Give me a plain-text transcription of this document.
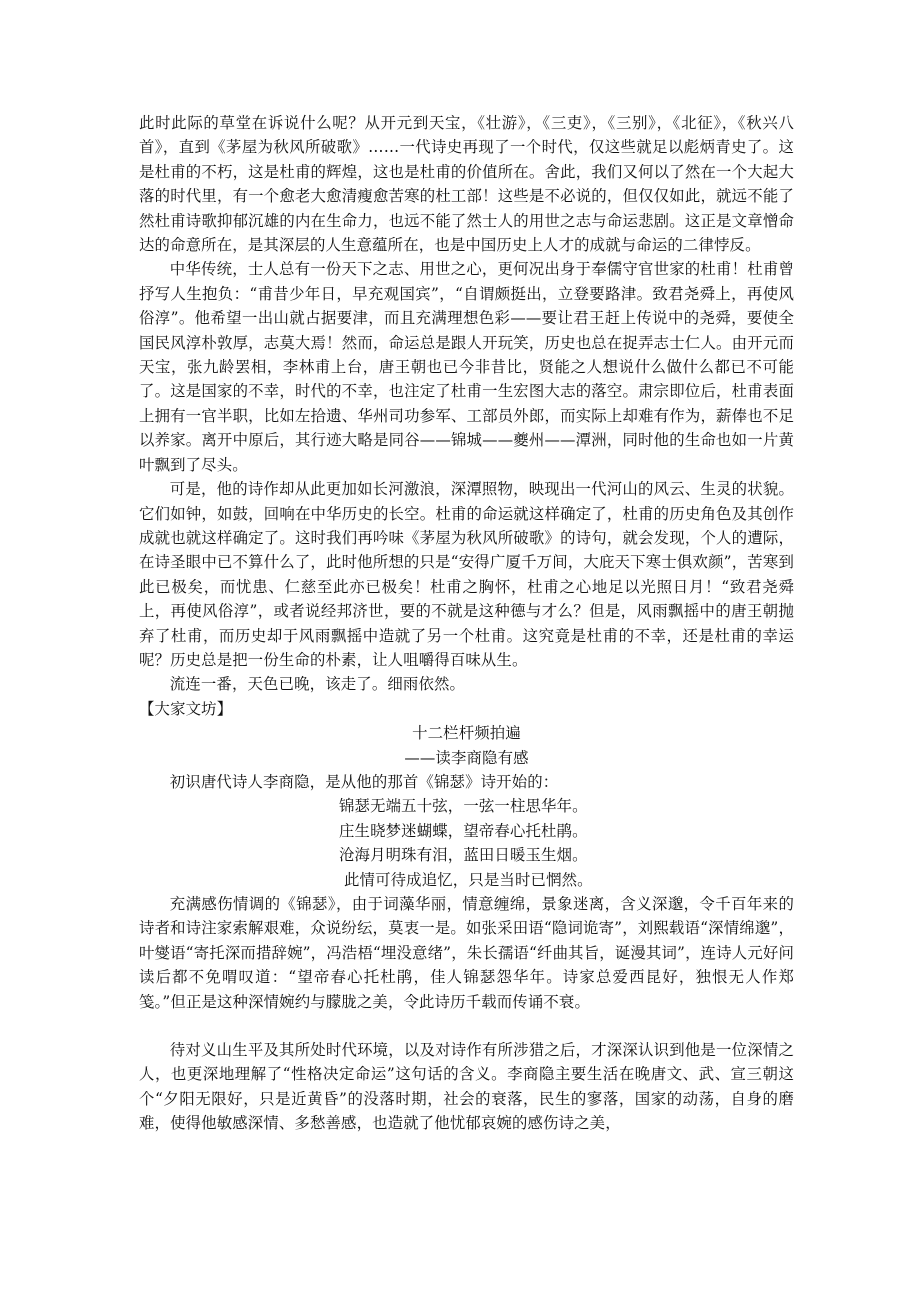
此时此际的草堂在诉说什么呢？从开元到天宝，《壮游》，《三吏》，《三别》，《北征》，《秋兴八首》，直到《茅屋为秋风所破歌》……一代诗史再现了一个时代，仅这些就足以彪炳青史了。这是杜甫的不朽，这是杜甫的辉煌，这也是杜甫的价值所在。舍此，我们又何以了然在一个大起大落的时代里，有一个愈老大愈清瘦愈苦寒的杜工部！这些是不必说的，但仅仅如此，就远不能了然杜甫诗歌抑郁沉雄的内在生命力，也远不能了然士人的用世之志与命运悲剧。这正是文章憎命达的命意所在，是其深层的人生意蕴所在，也是中国历史上人才的成就与命运的二律悖反。

中华传统，士人总有一份天下之志、用世之心，更何况出身于奉儒守官世家的杜甫！杜甫曾抒写人生抱负：“甫昔少年日，早充观国宾”，“自谓颇挺出，立登要路津。致君尧舜上，再使风俗淳”。他希望一出山就占据要津，而且充满理想色彩——要让君王赶上传说中的尧舜，要使全国民风淳朴敦厚，志莫大焉！然而，命运总是跟人开玩笑，历史也总在捉弄志士仁人。由开元而天宝，张九龄罢相，李林甫上台，唐王朝也已今非昔比，贤能之人想说什么做什么都已不可能了。这是国家的不幸，时代的不幸，也注定了杜甫一生宏图大志的落空。肃宗即位后，杜甫表面上拥有一官半职，比如左拾遗、华州司功参军、工部员外郎，而实际上却难有作为，薪俸也不足以养家。离开中原后，其行迹大略是同谷——锦城——夔州——潭洲，同时他的生命也如一片黄叶飘到了尽头。

可是，他的诗作却从此更加如长河激浪，深潭照物，映现出一代河山的风云、生灵的状貌。它们如钟，如鼓，回响在中华历史的长空。杜甫的命运就这样确定了，杜甫的历史角色及其创作成就也就这样确定了。这时我们再吟味《茅屋为秋风所破歌》的诗句，就会发现，个人的遭际，在诗圣眼中已不算什么了，此时他所想的只是“安得广厦千万间，大庇天下寒士俱欢颜”，苦寒到此已极矣，而忧患、仁慈至此亦已极矣！杜甫之胸怀，杜甫之心地足以光照日月！“致君尧舜上，再使风俗淳”，或者说经邦济世，要的不就是这种德与才么？但是，风雨飘摇中的唐王朝抛弃了杜甫，而历史却于风雨飘摇中造就了另一个杜甫。这究竟是杜甫的不幸，还是杜甫的幸运呢？历史总是把一份生命的朴素，让人咀嚼得百味从生。

流连一番，天色已晚，该走了。细雨依然。

【大家文坊】

十二栏杆频拍遍

——读李商隐有感

初识唐代诗人李商隐，是从他的那首《锦瑟》诗开始的：

锦瑟无端五十弦，一弦一柱思华年。

庄生晓梦迷蝴蝶，望帝春心托杜鹃。

沧海月明珠有泪，蓝田日暖玉生烟。

此情可待成追忆，只是当时已惘然。

充满感伤情调的《锦瑟》，由于词藻华丽，情意缠绵，景象迷离，含义深邈，令千百年来的诗者和诗注家索解艰难，众说纷纭，莫衷一是。如张采田语“隐词诡寄”，刘熙载语“深情绵邈”，叶燮语“寄托深而措辞婉”，冯浩梧“埋没意绪”，朱长孺语“纤曲其旨，诞漫其词”，连诗人元好问读后都不免喟叹道：“望帝春心托杜鹃，佳人锦瑟怨华年。诗家总爱西昆好，独恨无人作郑笺。”但正是这种深情婉约与朦胧之美，令此诗历千载而传诵不衰。

待对义山生平及其所处时代环境，以及对诗作有所涉猎之后，才深深认识到他是一位深情之人，也更深地理解了“性格决定命运”这句话的含义。李商隐主要生活在晚唐文、武、宣三朝这个“夕阳无限好，只是近黄昏”的没落时期，社会的衰落，民生的寥落，国家的动荡，自身的磨难，使得他敏感深情、多愁善感，也造就了他忧郁哀婉的感伤诗之美，
